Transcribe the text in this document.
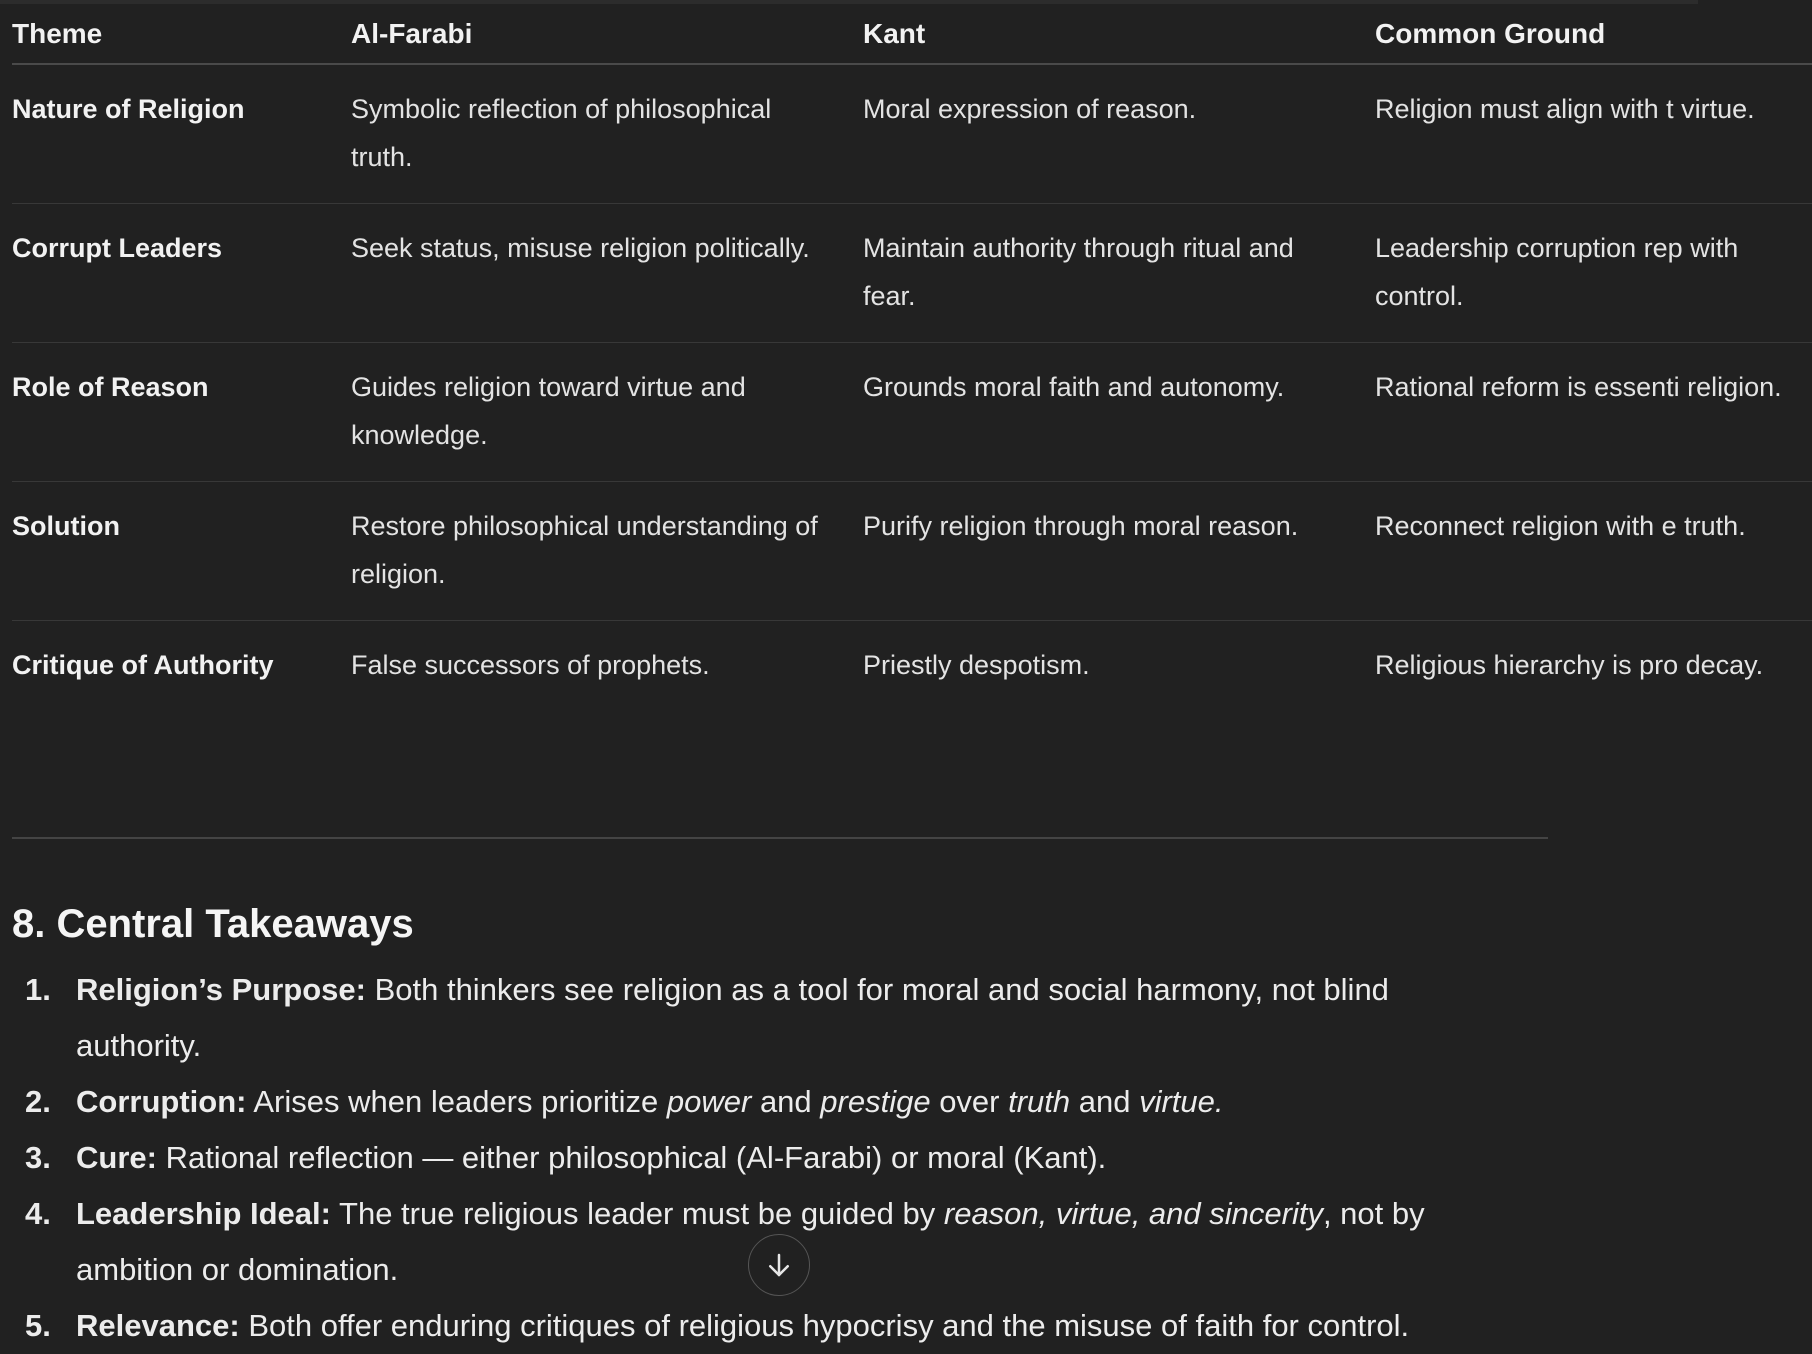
Theme	Al-Farabi	Kant	Common Ground
Nature of Religion	Symbolic reflection of philosophical truth.	Moral expression of reason.	Religion must align with t virtue.
Corrupt Leaders	Seek status, misuse religion politically.	Maintain authority through ritual and fear.	Leadership corruption rep with control.
Role of Reason	Guides religion toward virtue and knowledge.	Grounds moral faith and autonomy.	Rational reform is essenti religion.
Solution	Restore philosophical understanding of religion.	Purify religion through moral reason.	Reconnect religion with e truth.
Critique of Authority	False successors of prophets.	Priestly despotism.	Religious hierarchy is pro decay.
8. Central Takeaways
1. Religion’s Purpose: Both thinkers see religion as a tool for moral and social harmony, not blind authority.
2. Corruption: Arises when leaders prioritize power and prestige over truth and virtue.
3. Cure: Rational reflection — either philosophical (Al-Farabi) or moral (Kant).
4. Leadership Ideal: The true religious leader must be guided by reason, virtue, and sincerity, not by ambition or domination.
5. Relevance: Both offer enduring critiques of religious hypocrisy and the misuse of faith for control.
